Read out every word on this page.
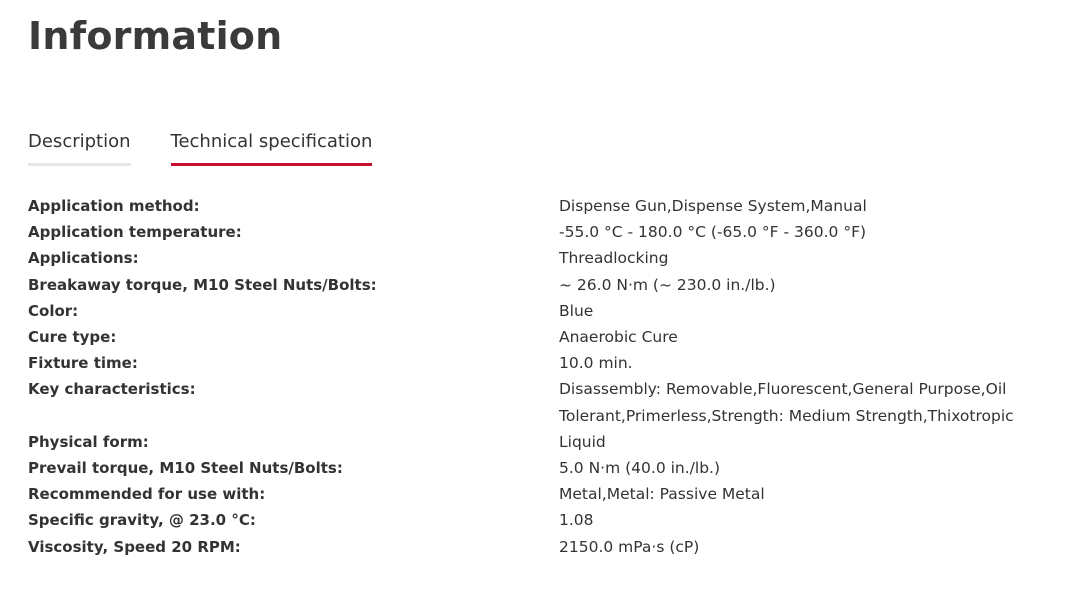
Information
Description Technical specification
Application method:	Dispense Gun,Dispense System,Manual
Application temperature:	-55.0 °C - 180.0 °C (-65.0 °F - 360.0 °F)
Applications:	Threadlocking
Breakaway torque, M10 Steel Nuts/Bolts:	~ 26.0 N·m (~ 230.0 in./lb.)
Color:	Blue
Cure type:	Anaerobic Cure
Fixture time:	10.0 min.
Key characteristics:	Disassembly: Removable,Fluorescent,General Purpose,Oil Tolerant,Primerless,Strength: Medium Strength,Thixotropic
Physical form:	Liquid
Prevail torque, M10 Steel Nuts/Bolts:	5.0 N·m (40.0 in./lb.)
Recommended for use with:	Metal,Metal: Passive Metal
Specific gravity, @ 23.0 °C:	1.08
Viscosity, Speed 20 RPM:	2150.0 mPa·s (cP)
